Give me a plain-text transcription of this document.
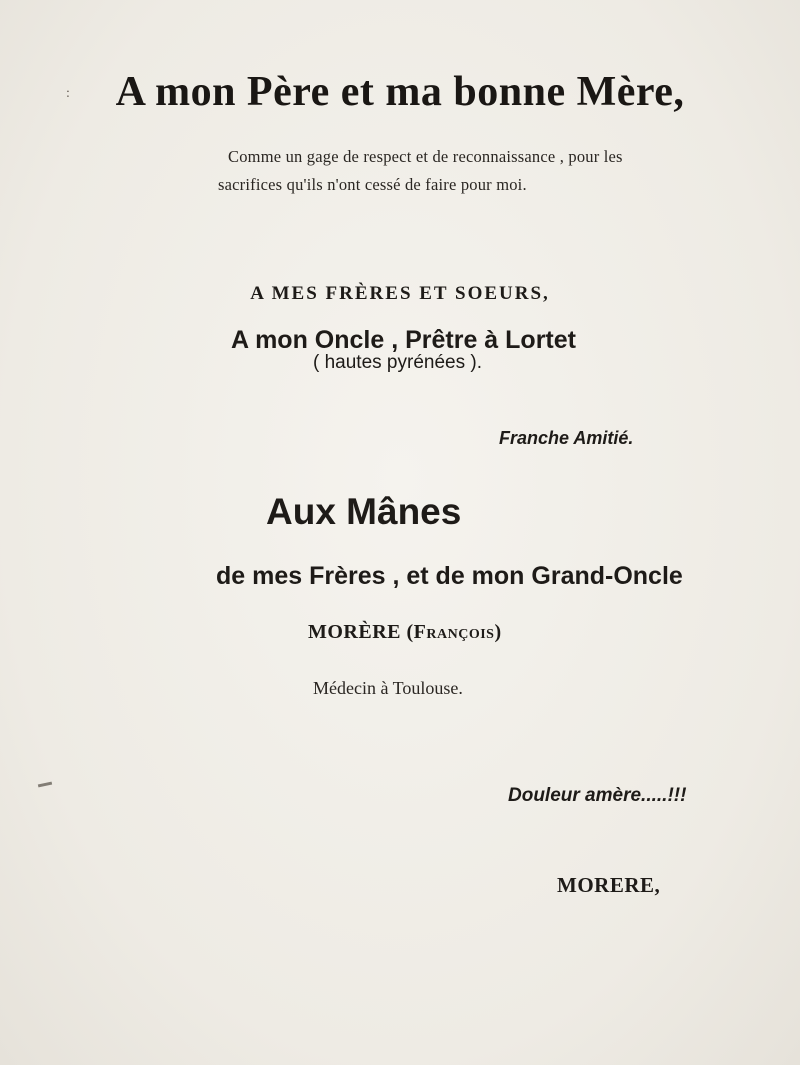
:	A mon Père et ma bonne Mère,
Comme un gage de respect et de reconnaissance , pour les
sacrifices qu'ils n'ont cessé de faire pour moi.
A MES FRÈRES ET SOEURS,
A mon Oncle , Prêtre à Lortet
( hautes pyrénées ).
Franche Amitié.
Aux Mânes
de mes Frères , et de mon Grand-Oncle
MORÈRE (François)
Médecin à Toulouse.
Douleur amère.....!!!
MORERE,
